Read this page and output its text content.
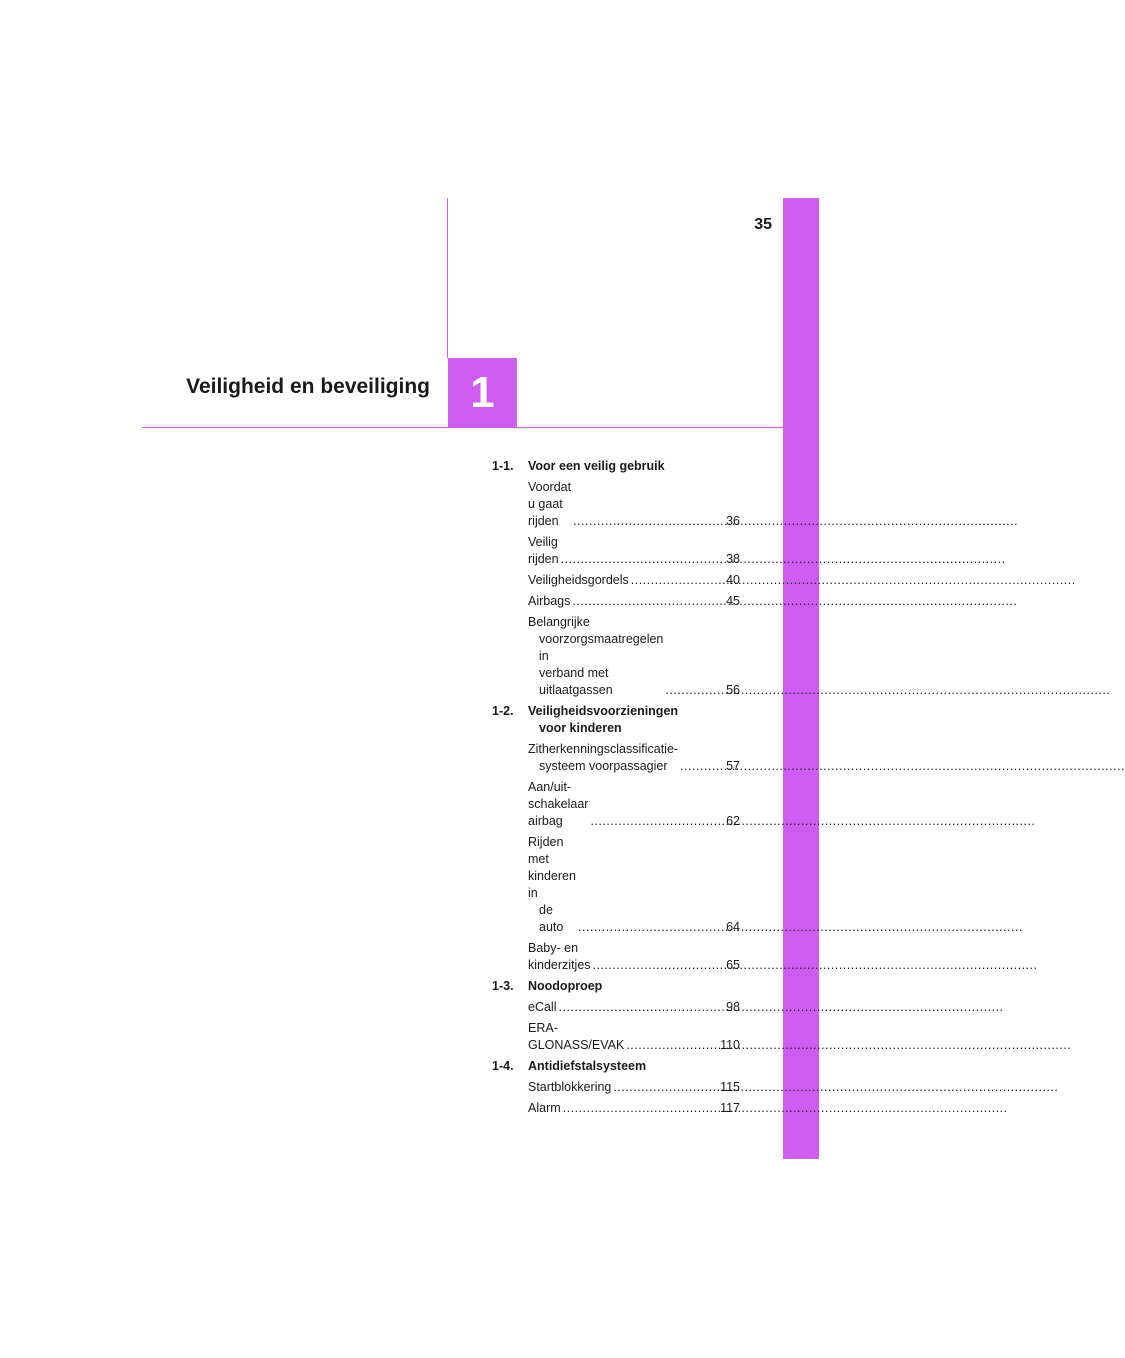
35
Veiligheid en beveiliging 1
1-1.	Voor een veilig gebruik
Voordat u gaat rijden .....	36
Veilig rijden .....	38
Veiligheidsgordels .....	40
Airbags .....	45
Belangrijke
voorzorgsmaatregelen in
verband met uitlaatgassen .....	56
1-2.	Veiligheidsvoorzieningen
voor kinderen
Zitherkenningsclassificatie-
systeem voorpassagier .....	57
Aan/uit-schakelaar airbag .....	62
Rijden met kinderen in
de auto .....	64
Baby- en kinderzitjes .....	65
1-3.	Noodoproep
eCall .....	98
ERA-GLONASS/EVAK .....	110
1-4.	Antidiefstalsysteem
Startblokkering .....	115
Alarm .....	117
